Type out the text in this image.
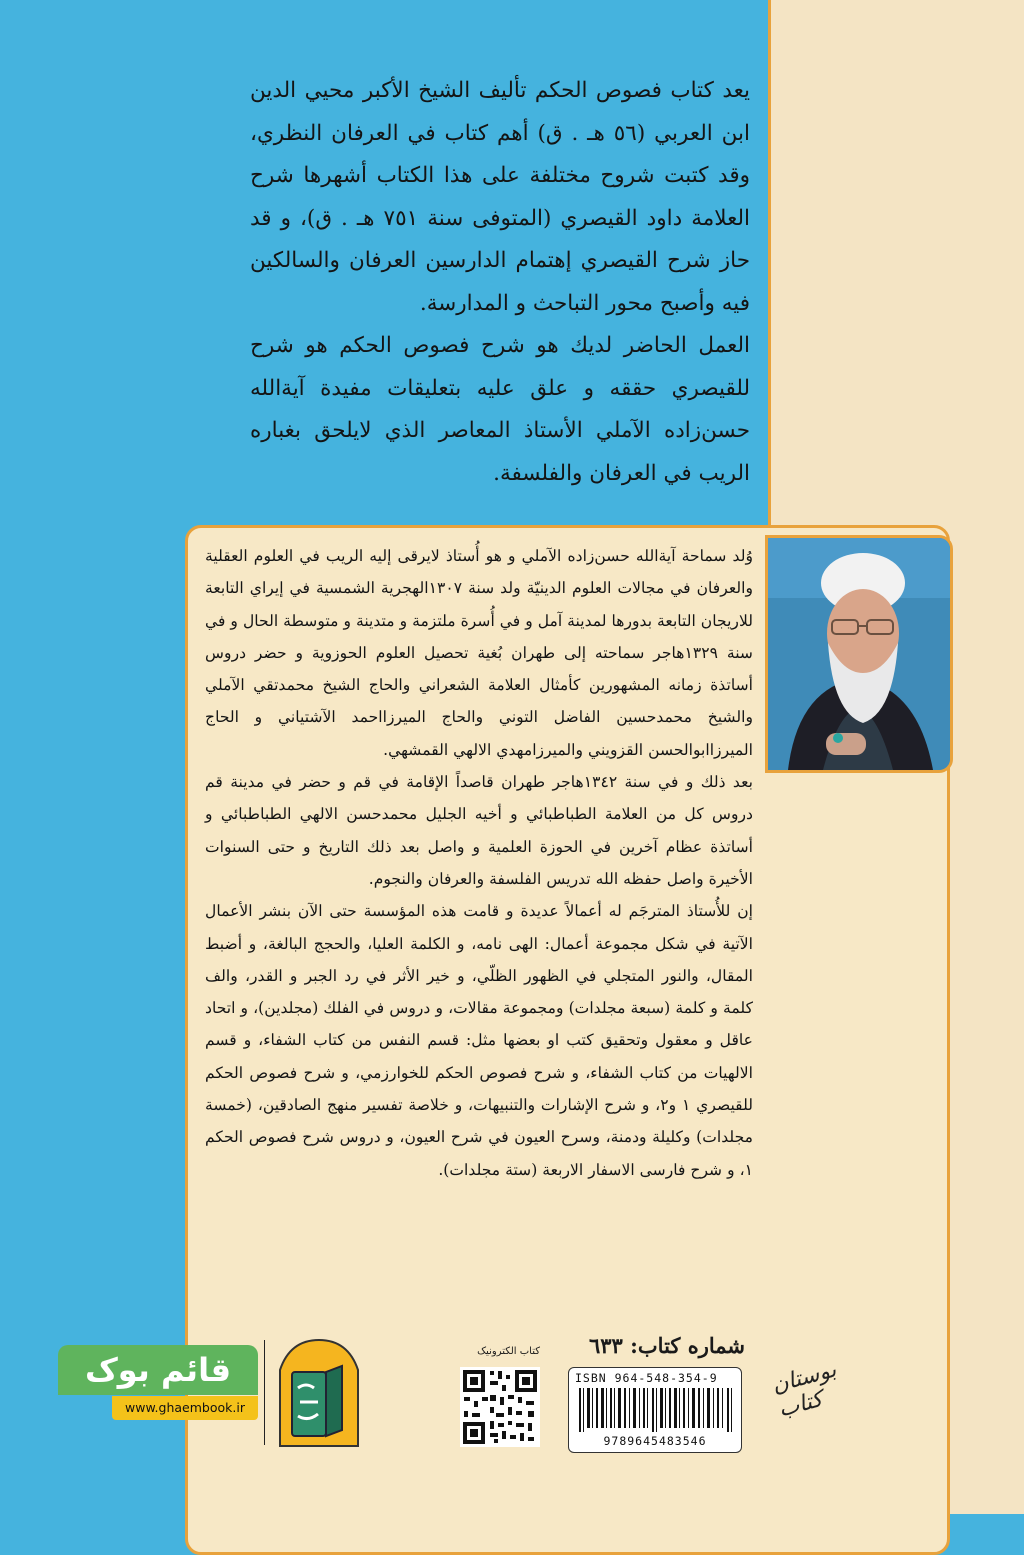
يعد كتاب فصوص الحكم تأليف الشيخ الأكبر محيي الدين ابن العربي (٥٦ هـ . ق) أهم كتاب في العرفان النظري، وقد كتبت شروح مختلفة على هذا الكتاب أشهرها شرح العلامة داود القيصري (المتوفى سنة ٧٥١ هـ . ق)، و قد حاز شرح القيصري إهتمام الدارسين العرفان والسالكين فيه وأصبح محور التباحث و المدارسة.

العمل الحاضر لديك هو شرح فصوص الحكم هو شرح للقيصري حققه و علق عليه بتعليقات مفيدة آية‌الله حسن‌زاده الآملي الأستاذ المعاصر الذي لايلحق بغباره الريب في العرفان والفلسفة.

وُلد سماحة آية‌الله حسن‌زاده الآملي و هو أُستاذ لايرقى إليه الريب في العلوم العقلية والعرفان في مجالات العلوم الدينيّة ولد سنة ١٣٠٧الهجرية الشمسية في إيراي التابعة للاريجان التابعة بدورها لمدينة آمل و في أُسرة ملتزمة و متدينة و متوسطة الحال و في سنة ١٣٢٩هاجر سماحته إلى طهران بُغية تحصيل العلوم الحوزوية و حضر دروس أساتذة زمانه المشهورين كأمثال العلامة الشعراني والحاج الشيخ محمدتقي الآملي والشيخ محمدحسين الفاضل التوني والحاج الميرزااحمد الآشتياني و الحاج الميرزاابوالحسن القزويني والميرزامهدي الالهي القمشهي.

بعد ذلك و في سنة ١٣٤٢هاجر طهران قاصداً الإقامة في قم و حضر في مدينة قم دروس كل من العلامة الطباطبائي و أخيه الجليل محمدحسن الالهي الطباطبائي و أساتذة عظام آخرين في الحوزة العلمية و واصل بعد ذلك التاريخ و حتى السنوات الأخيرة واصل حفظه الله تدريس الفلسفة والعرفان والنجوم.

إن للأُستاذ المترجَم له أعمالاً عديدة و قامت هذه المؤسسة حتى الآن بنشر الأعمال الآتية في شكل مجموعة أعمال: الهی نامه، و الكلمة العليا، والحجج البالغة، و أضبط المقال، والنور المتجلي في الظهور الظلّي، و خير الأثر في رد الجبر و القدر، والف كلمة و كلمة (سبعة مجلدات) ومجموعة مقالات، و دروس في الفلك (مجلدين)، و اتحاد عاقل و معقول وتحقيق كتب او بعضها مثل: قسم النفس من كتاب الشفاء، و قسم الالهيات من كتاب الشفاء، و شرح فصوص الحكم للخوارزمي، و شرح فصوص الحكم للقيصري ١ و٢، و شرح الإشارات والتنبيهات، و خلاصة تفسير منهج الصادقين، (خمسة مجلدات) وكليلة ودمنة، وسرح العيون في شرح العيون، و دروس شرح فصوص الحكم ١، و شرح فارسى الاسفار الاربعة (ستة مجلدات).

شماره کتاب: ٦٣٣
ISBN 964-548-354-9
9789645483546
کتاب الکترونیک
بوستان کتاب
قائم بوک
www.ghaembook.ir
